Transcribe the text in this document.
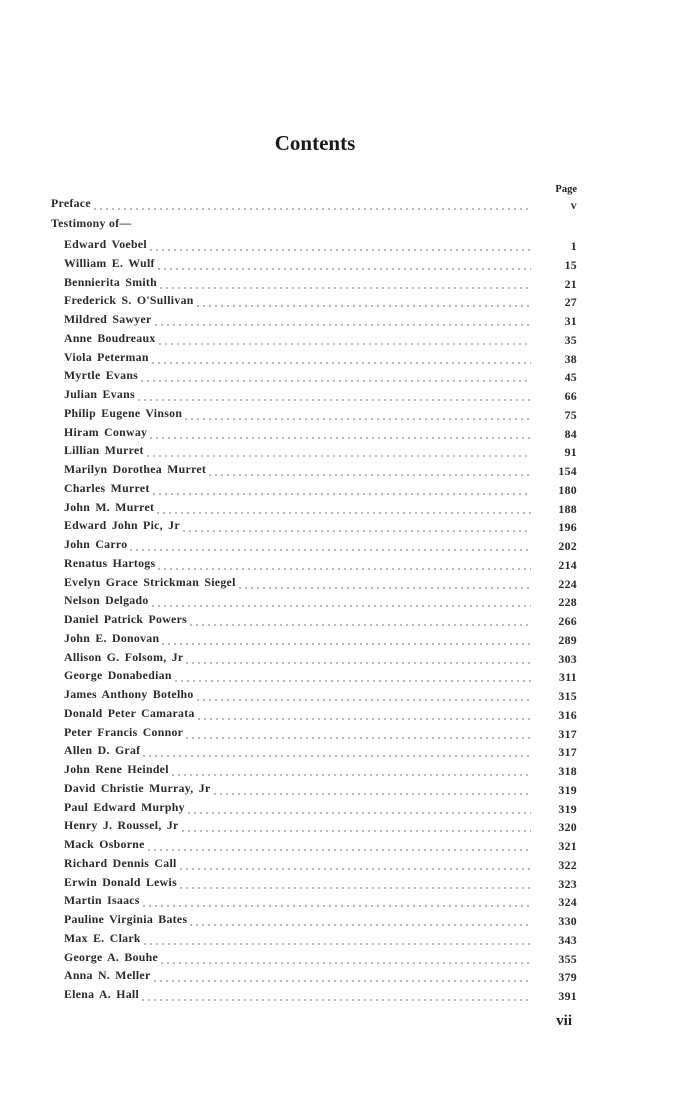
Contents
Page
Preface	v
Testimony of—
Edward Voebel	1
William E. Wulf	15
Bennierita Smith	21
Frederick S. O'Sullivan	27
Mildred Sawyer	31
Anne Boudreaux	35
Viola Peterman	38
Myrtle Evans	45
Julian Evans	66
Philip Eugene Vinson	75
Hiram Conway	84
Lillian Murret	91
Marilyn Dorothea Murret	154
Charles Murret	180
John M. Murret	188
Edward John Pic, Jr	196
John Carro	202
Renatus Hartogs	214
Evelyn Grace Strickman Siegel	224
Nelson Delgado	228
Daniel Patrick Powers	266
John E. Donovan	289
Allison G. Folsom, Jr	303
George Donabedian	311
James Anthony Botelho	315
Donald Peter Camarata	316
Peter Francis Connor	317
Allen D. Graf	317
John Rene Heindel	318
David Christie Murray, Jr	319
Paul Edward Murphy	319
Henry J. Roussel, Jr	320
Mack Osborne	321
Richard Dennis Call	322
Erwin Donald Lewis	323
Martin Isaacs	324
Pauline Virginia Bates	330
Max E. Clark	343
George A. Bouhe	355
Anna N. Meller	379
Elena A. Hall	391
vii
